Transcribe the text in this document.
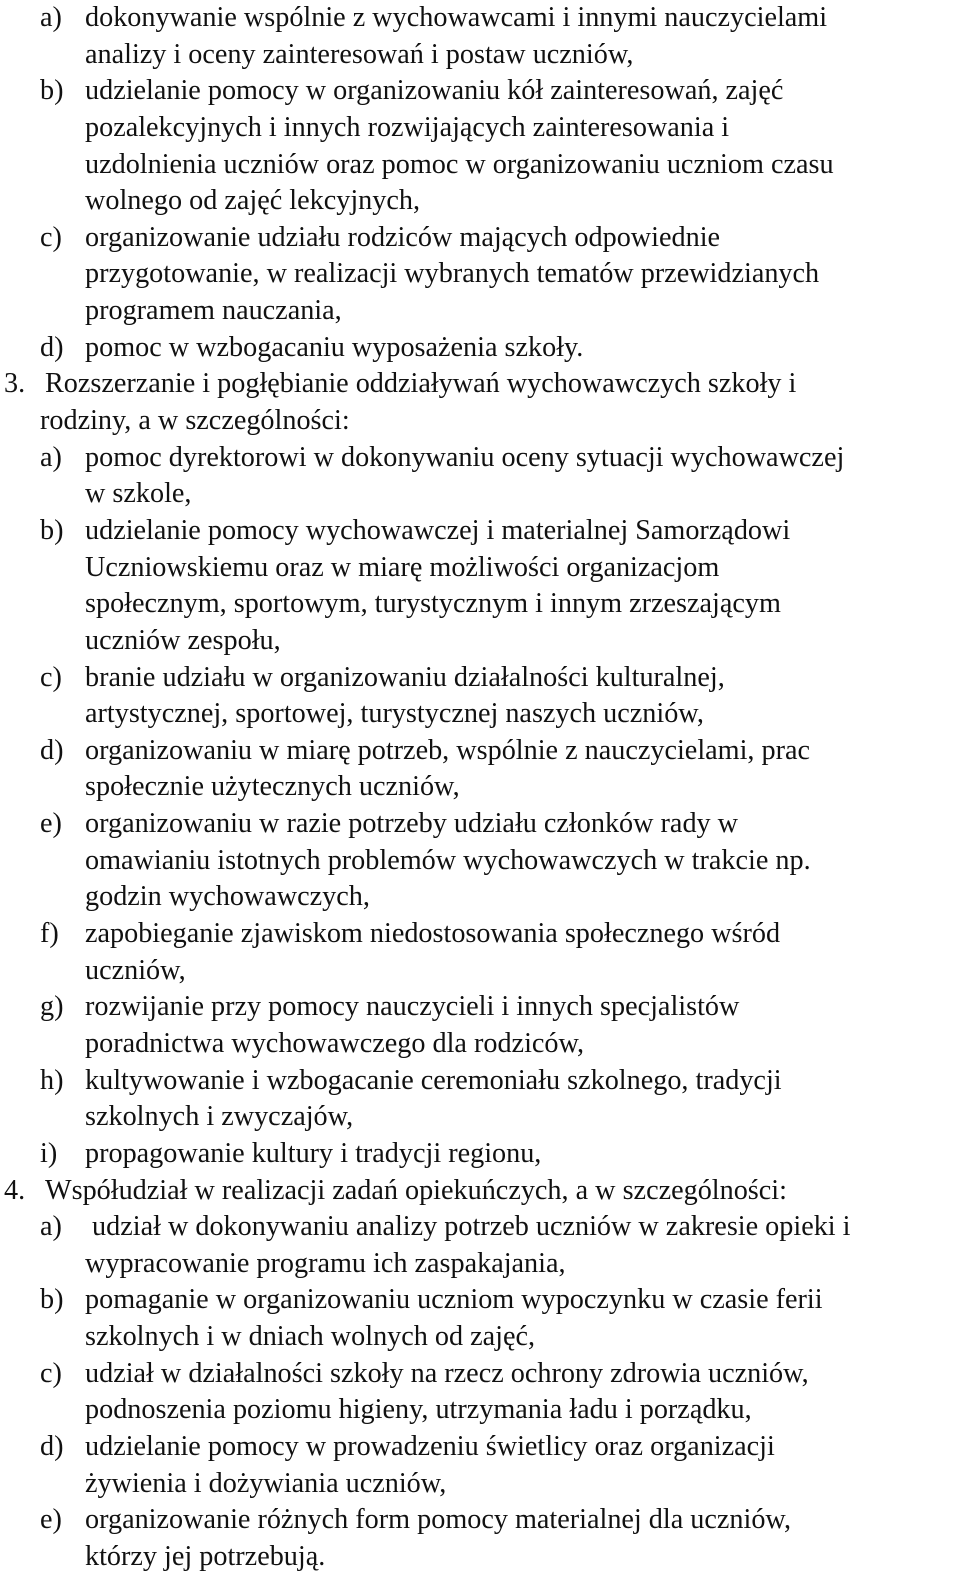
a) dokonywanie wspólnie z wychowawcami i innymi nauczycielami
analizy i oceny zainteresowań i postaw uczniów,
b) udzielanie pomocy w organizowaniu kół zainteresowań, zajęć
pozalekcyjnych i innych rozwijających zainteresowania i
uzdolnienia uczniów oraz pomoc w organizowaniu uczniom czasu
wolnego od zajęć lekcyjnych,
c) organizowanie udziału rodziców mających odpowiednie
przygotowanie, w realizacji wybranych tematów przewidzianych
programem nauczania,
d) pomoc w wzbogacaniu wyposażenia szkoły.
3. Rozszerzanie i pogłębianie oddziaływań wychowawczych szkoły i
rodziny, a w szczególności:
a) pomoc dyrektorowi w dokonywaniu oceny sytuacji wychowawczej
w szkole,
b) udzielanie pomocy wychowawczej i materialnej Samorządowi
Uczniowskiemu oraz w miarę możliwości organizacjom
społecznym, sportowym, turystycznym i innym zrzeszającym
uczniów zespołu,
c) branie udziału w organizowaniu działalności kulturalnej,
artystycznej, sportowej, turystycznej naszych uczniów,
d) organizowaniu w miarę potrzeb, wspólnie z nauczycielami, prac
społecznie użytecznych uczniów,
e) organizowaniu w razie potrzeby udziału członków rady w
omawianiu istotnych problemów wychowawczych w trakcie np.
godzin wychowawczych,
f) zapobieganie zjawiskom niedostosowania społecznego wśród
uczniów,
g) rozwijanie przy pomocy nauczycieli i innych specjalistów
poradnictwa wychowawczego dla rodziców,
h) kultywowanie i wzbogacanie ceremoniału szkolnego, tradycji
szkolnych i zwyczajów,
i) propagowanie kultury i tradycji regionu,
4. Współudział w realizacji zadań opiekuńczych, a w szczególności:
a) udział w dokonywaniu analizy potrzeb uczniów w zakresie opieki i
wypracowanie programu ich zaspakajania,
b) pomaganie w organizowaniu uczniom wypoczynku w czasie ferii
szkolnych i w dniach wolnych od zajęć,
c) udział w działalności szkoły na rzecz ochrony zdrowia uczniów,
podnoszenia poziomu higieny, utrzymania ładu i porządku,
d) udzielanie pomocy w prowadzeniu świetlicy oraz organizacji
żywienia i dożywiania uczniów,
e) organizowanie różnych form pomocy materialnej dla uczniów,
którzy jej potrzebują.
